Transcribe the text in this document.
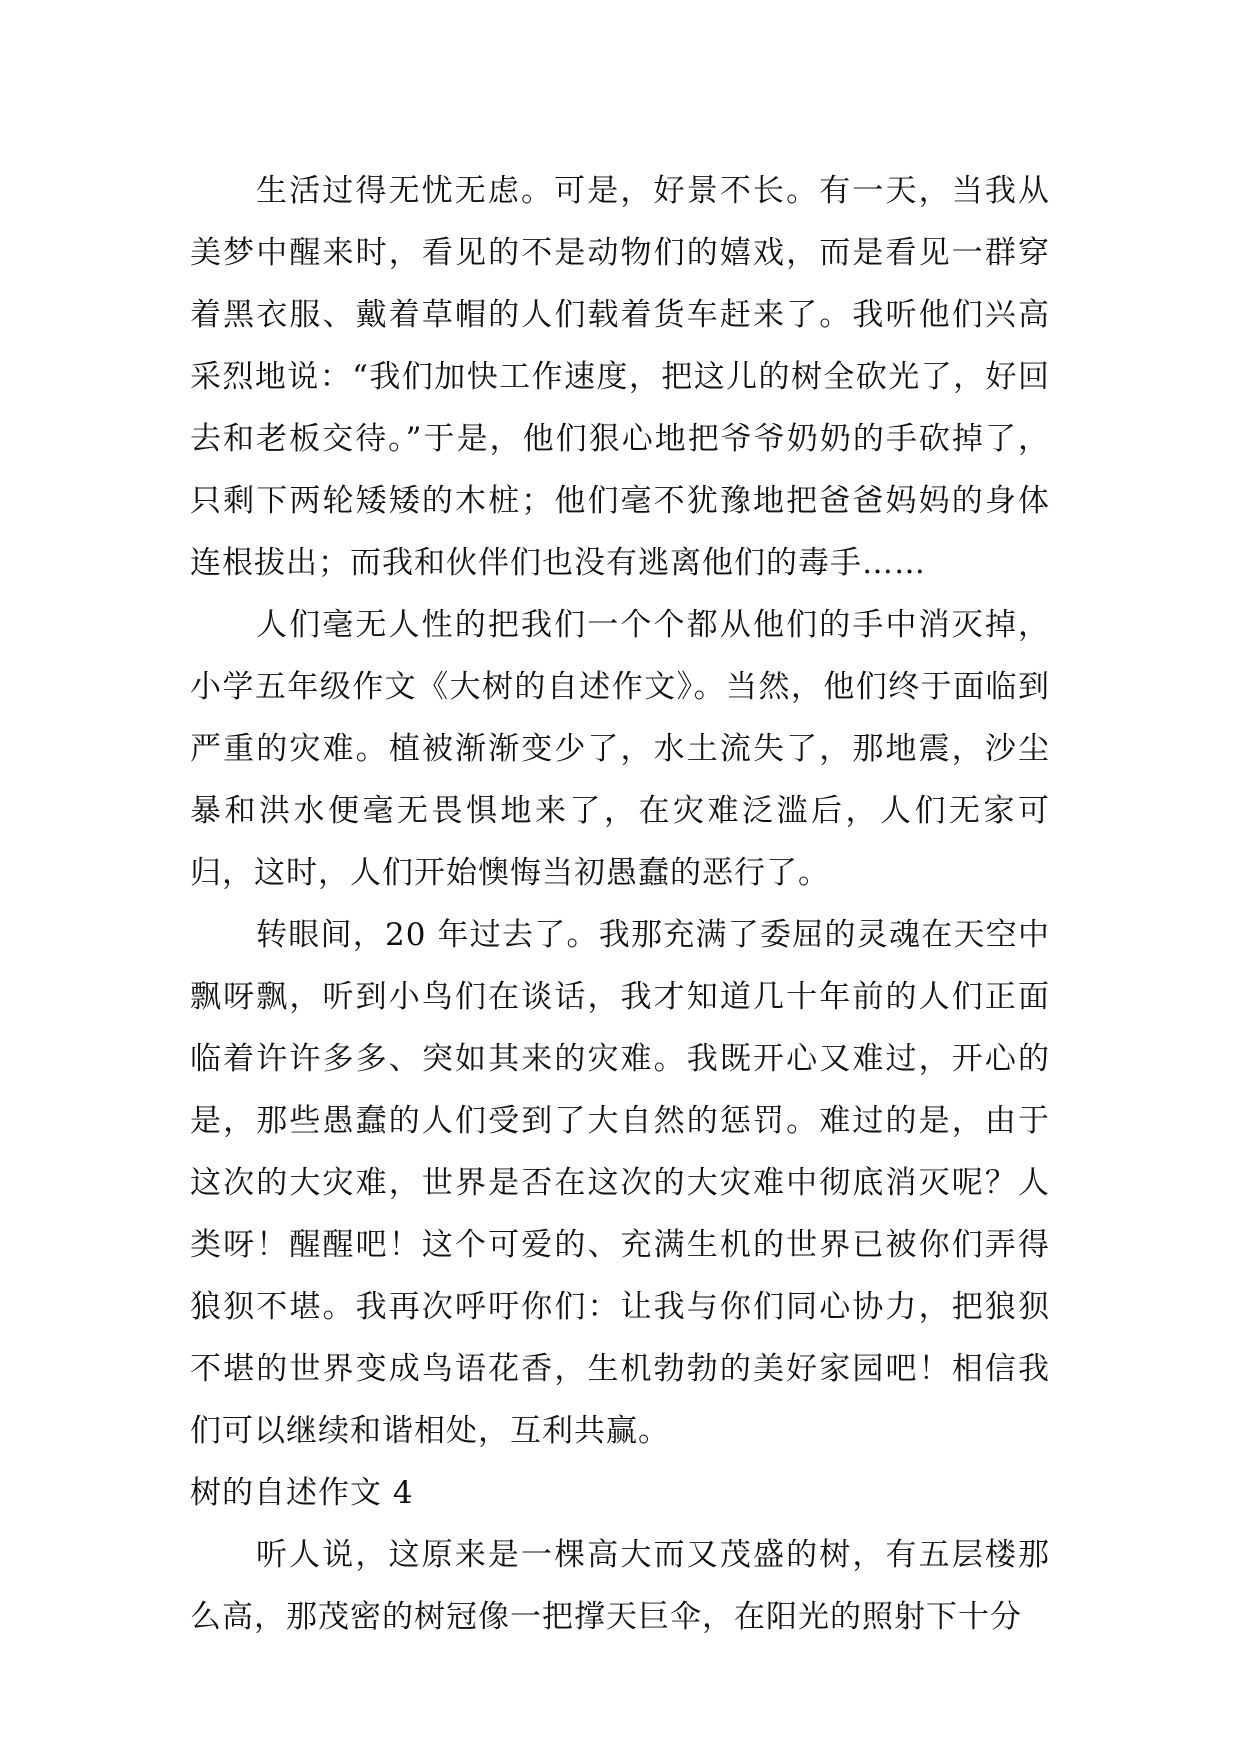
生活过得无忧无虑。可是，好景不长。有一天，当我从美梦中醒来时，看见的不是动物们的嬉戏，而是看见一群穿着黑衣服、戴着草帽的人们载着货车赶来了。我听他们兴高采烈地说：“我们加快工作速度，把这儿的树全砍光了，好回去和老板交待。”于是，他们狠心地把爷爷奶奶的手砍掉了，只剩下两轮矮矮的木桩；他们毫不犹豫地把爸爸妈妈的身体连根拔出；而我和伙伴们也没有逃离他们的毒手……

人们毫无人性的把我们一个个都从他们的手中消灭掉，小学五年级作文《大树的自述作文》。当然，他们终于面临到严重的灾难。植被渐渐变少了，水土流失了，那地震，沙尘暴和洪水便毫无畏惧地来了，在灾难泛滥后，人们无家可归，这时，人们开始懊悔当初愚蠢的恶行了。

转眼间，20 年过去了。我那充满了委屈的灵魂在天空中飘呀飘，听到小鸟们在谈话，我才知道几十年前的人们正面临着许许多多、突如其来的灾难。我既开心又难过，开心的是，那些愚蠢的人们受到了大自然的惩罚。难过的是，由于这次的大灾难，世界是否在这次的大灾难中彻底消灭呢？人类呀！醒醒吧！这个可爱的、充满生机的世界已被你们弄得狼狈不堪。我再次呼吁你们：让我与你们同心协力，把狼狈不堪的世界变成鸟语花香，生机勃勃的美好家园吧！相信我们可以继续和谐相处，互利共赢。

树的自述作文 4

听人说，这原来是一棵高大而又茂盛的树，有五层楼那么高，那茂密的树冠像一把撑天巨伞，在阳光的照射下十分
